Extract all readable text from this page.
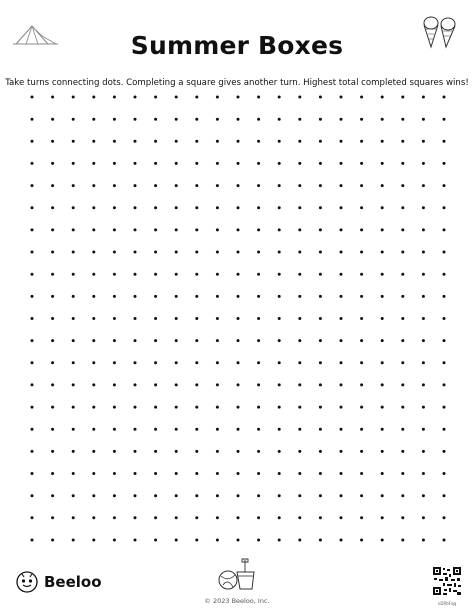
Summer Boxes

Take turns connecting dots. Completing a square gives another turn. Highest total completed squares wins!

Beeloo
© 2023 Beeloo, Inc.	nDRbFqq
